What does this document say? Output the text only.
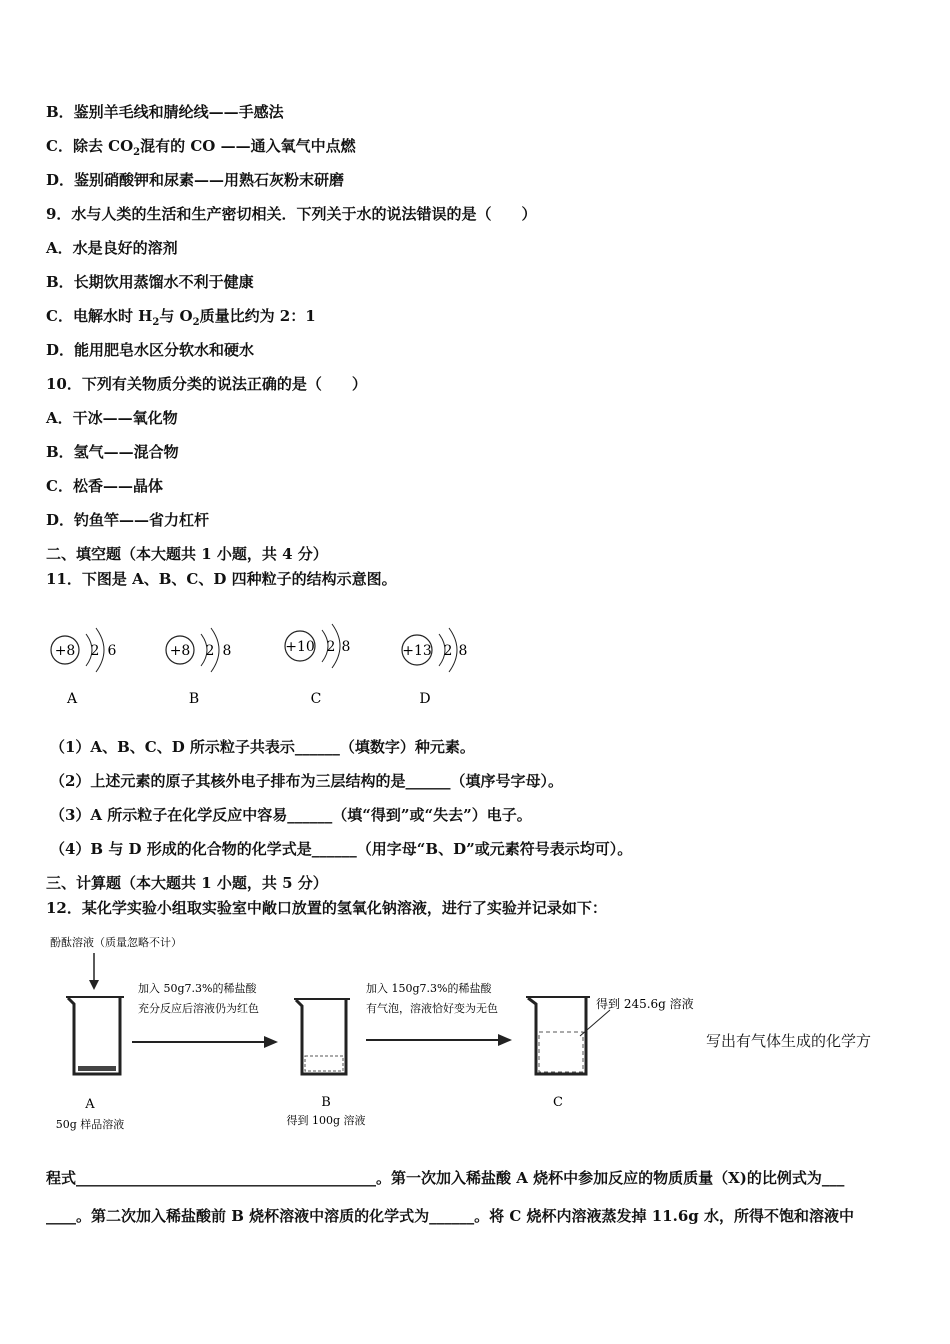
B．鉴别羊毛线和腈纶线——手感法
C．除去 $CO_2$混有的 CO ——通入氧气中点燃
D．鉴别硝酸钾和尿素——用熟石灰粉末研磨
9．水与人类的生活和生产密切相关．下列关于水的说法错误的是（　　）
A．水是良好的溶剂
B．长期饮用蒸馏水不利于健康
C．电解水时 $H_2$与 $O_2$质量比约为 2：1
D．能用肥皂水区分软水和硬水
10．下列有关物质分类的说法正确的是（　　）
A．干冰——氧化物
B．氢气——混合物
C．松香——晶体
D．钓鱼竿——省力杠杆
二、填空题（本大题共 1 小题，共 4 分）
11．下图是 A、B、C、D 四种粒子的结构示意图。
+8 2 6
A
+8 2 8
B
+10 2 8
C
+13 2 8
D
（1）A、B、C、D 所示粒子共表示______（填数字）种元素。
（2）上述元素的原子其核外电子排布为三层结构的是______（填序号字母）。
（3）A 所示粒子在化学反应中容易______（填“得到”或“失去”）电子。
（4）B 与 D 形成的化合物的化学式是______（用字母“B、D”或元素符号表示均可）。
三、计算题（本大题共 1 小题，共 5 分）
12．某化学实验小组取实验室中敞口放置的氢氧化钠溶液，进行了实验并记录如下：
酚酞溶液（质量忽略不计）
A
50g 样品溶液
加入 50g7.3%的稀盐酸
充分反应后溶液仍为红色
B
得到 100g 溶液
加入 150g7.3%的稀盐酸
有气泡，溶液恰好变为无色	得到 245.6g 溶液
C
写出有气体生成的化学方
程式________________________________________。第一次加入稀盐酸 A 烧杯中参加反应的物质质量（X)的比例式为___
____。第二次加入稀盐酸前 B 烧杯溶液中溶质的化学式为______。将 C 烧杯内溶液蒸发掉 11.6g 水，所得不饱和溶液中
